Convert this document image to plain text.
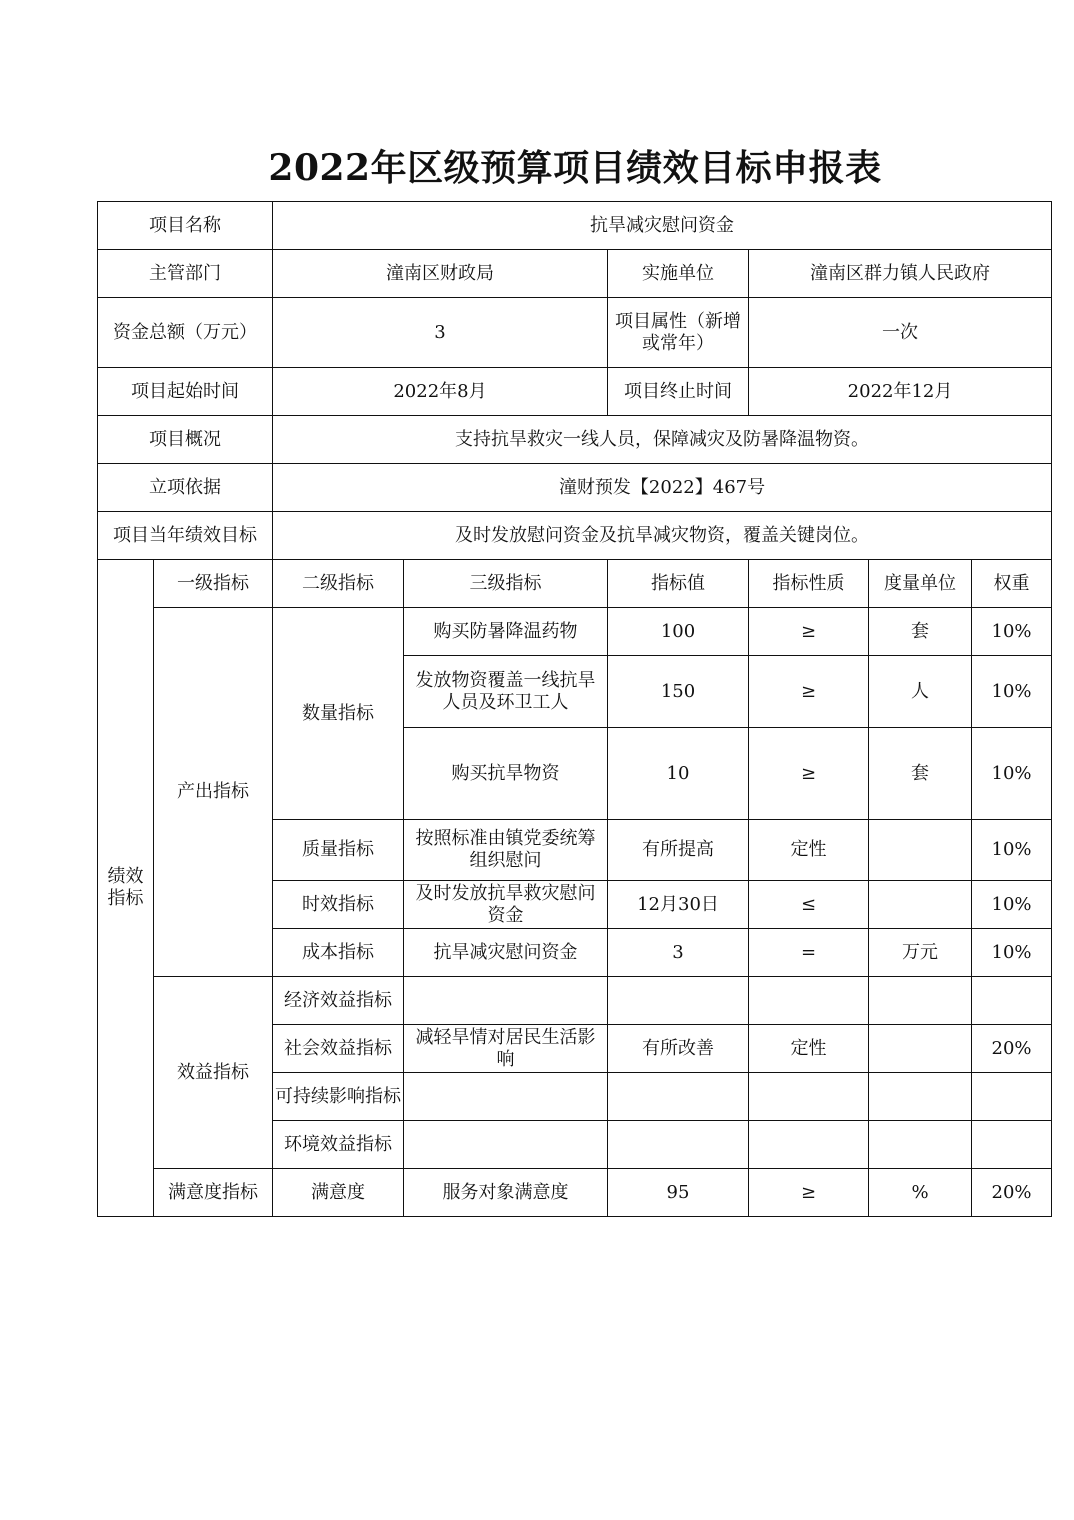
2022年区级预算项目绩效目标申报表
项目名称		抗旱减灾慰问资金					
主管部门		潼南区财政局		实施单位	潼南区群力镇人民政府		
资金总额（万元）		3		项目属性（新增或常年）	一次		
项目起始时间		2022年8月		项目终止时间	2022年12月		
项目概况		支持抗旱救灾一线人员，保障减灾及防暑降温物资。					
立项依据		潼财预发【2022】467号					
项目当年绩效目标		及时发放慰问资金及抗旱减灾物资，覆盖关键岗位。					
绩效指标	一级指标	二级指标	三级指标	指标值	指标性质	度量单位	权重
	产出指标	数量指标	购买防暑降温药物	100	≥	套	10%
			发放物资覆盖一线抗旱人员及环卫工人	150	≥	人	10%
			购买抗旱物资	10	≥	套	10%
		质量指标	按照标准由镇党委统筹组织慰问	有所提高	定性		10%
		时效指标	及时发放抗旱救灾慰问资金	12月30日	≤		10%
		成本指标	抗旱减灾慰问资金	3	=	万元	10%
	效益指标	经济效益指标					
		社会效益指标	减轻旱情对居民生活影响	有所改善	定性		20%
		可持续影响指标					
		环境效益指标					
	满意度指标	满意度	服务对象满意度	95	≥	%	20%
